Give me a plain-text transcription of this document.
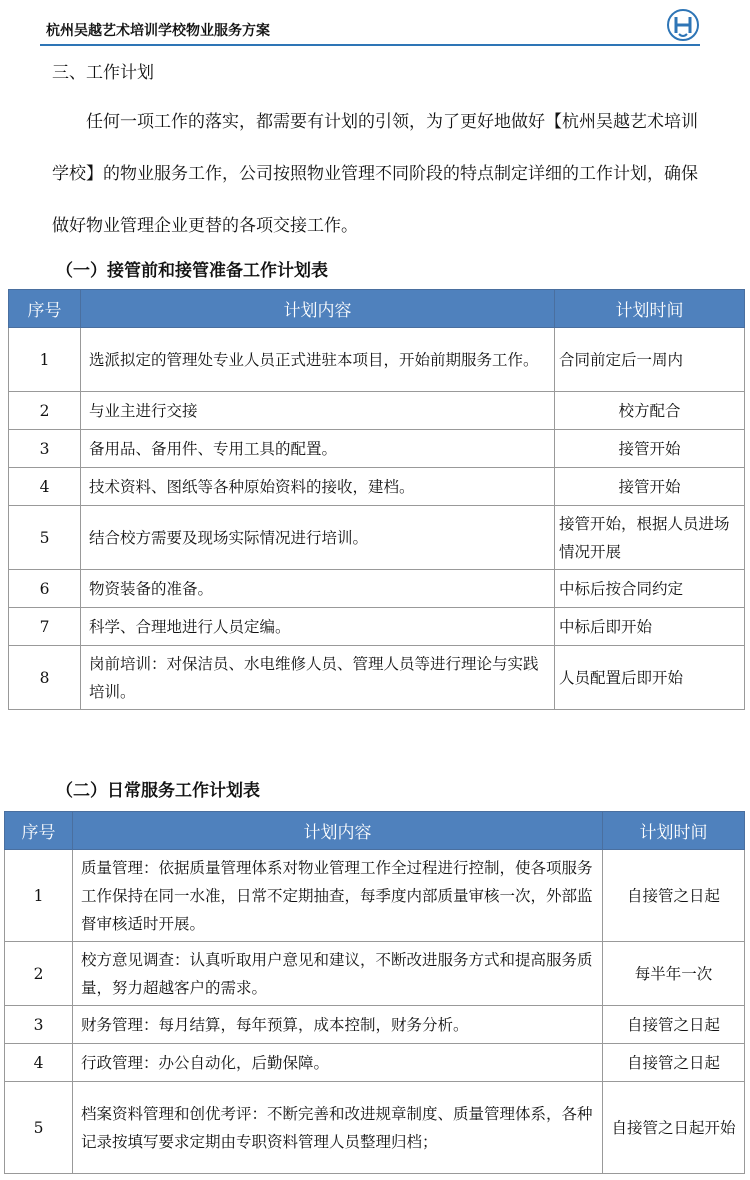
杭州吴越艺术培训学校物业服务方案
三、工作计划
任何一项工作的落实，都需要有计划的引领，为了更好地做好【杭州吴越艺术培训学校】的物业服务工作，公司按照物业管理不同阶段的特点制定详细的工作计划，确保做好物业管理企业更替的各项交接工作。
（一）接管前和接管准备工作计划表
序号	计划内容	计划时间
1	选派拟定的管理处专业人员正式进驻本项目，开始前期服务工作。	合同前定后一周内
2	与业主进行交接	校方配合
3	备用品、备用件、专用工具的配置。	接管开始
4	技术资料、图纸等各种原始资料的接收，建档。	接管开始
5	结合校方需要及现场实际情况进行培训。	接管开始，根据人员进场情况开展
6	物资装备的准备。	中标后按合同约定
7	科学、合理地进行人员定编。	中标后即开始
8	岗前培训：对保洁员、水电维修人员、管理人员等进行理论与实践培训。	人员配置后即开始
（二）日常服务工作计划表
序号	计划内容	计划时间
1	质量管理：依据质量管理体系对物业管理工作全过程进行控制，使各项服务工作保持在同一水准，日常不定期抽查，每季度内部质量审核一次，外部监督审核适时开展。	自接管之日起
2	校方意见调查：认真听取用户意见和建议，不断改进服务方式和提高服务质量，努力超越客户的需求。	每半年一次
3	财务管理：每月结算，每年预算，成本控制，财务分析。	自接管之日起
4	行政管理：办公自动化，后勤保障。	自接管之日起
5	档案资料管理和创优考评：不断完善和改进规章制度、质量管理体系，各种记录按填写要求定期由专职资料管理人员整理归档；	自接管之日起开始
